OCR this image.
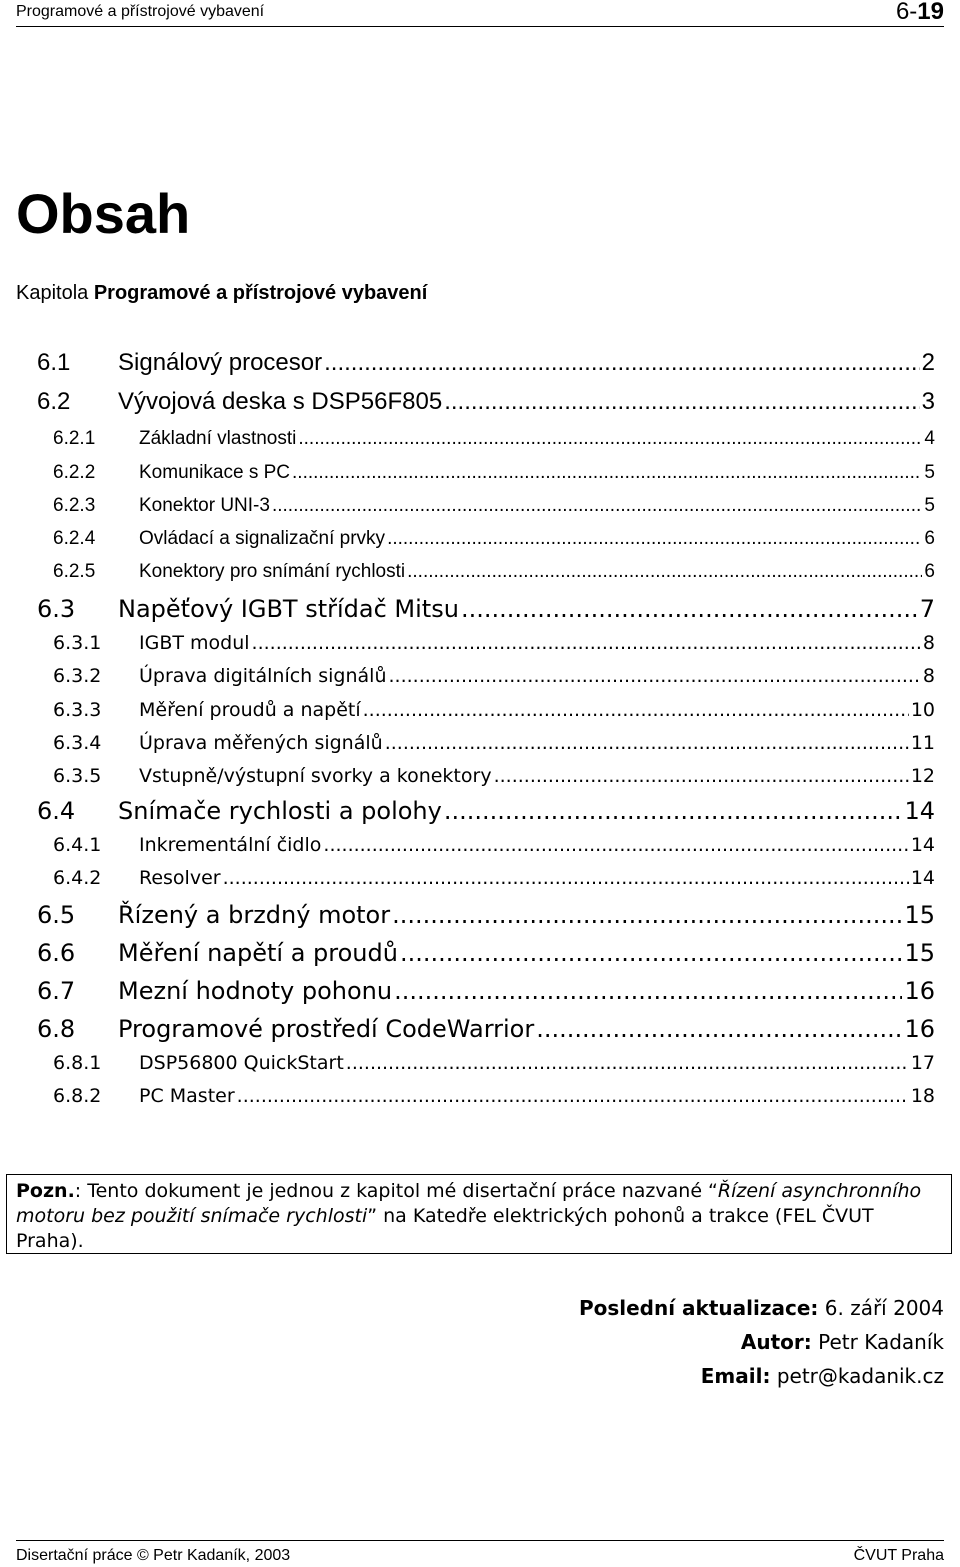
Programové a přístrojové vybavení	6-19
Obsah
Kapitola Programové a přístrojové vybavení
6.1	Signálový procesor .....	2
6.2	Vývojová deska s DSP56F805 .....	3
6.2.1	Základní vlastnosti .....	4
6.2.2	Komunikace s PC .....	5
6.2.3	Konektor UNI-3 .....	5
6.2.4	Ovládací a signalizační prvky .....	6
6.2.5	Konektory pro snímání rychlosti .....	6
6.3	Napěťový IGBT střídač Mitsu .....	7
6.3.1	IGBT modul .....	8
6.3.2	Úprava digitálních signálů .....	8
6.3.3	Měření proudů a napětí .....	10
6.3.4	Úprava měřených signálů .....	11
6.3.5	Vstupně/výstupní svorky a konektory .....	12
6.4	Snímače rychlosti a polohy .....	14
6.4.1	Inkrementální čidlo .....	14
6.4.2	Resolver .....	14
6.5	Řízený a brzdný motor .....	15
6.6	Měření napětí a proudů .....	15
6.7	Mezní hodnoty pohonu .....	16
6.8	Programové prostředí CodeWarrior .....	16
6.8.1	DSP56800 QuickStart .....	17
6.8.2	PC Master .....	18
Pozn.: Tento dokument je jednou z kapitol mé disertační práce nazvané “Řízení asynchronního motoru bez použití snímače rychlosti” na Katedře elektrických pohonů a trakce (FEL ČVUT Praha).
Poslední aktualizace: 6. září 2004
Autor: Petr Kadaník
Email: petr@kadanik.cz
Disertační práce © Petr Kadaník, 2003	ČVUT Praha
